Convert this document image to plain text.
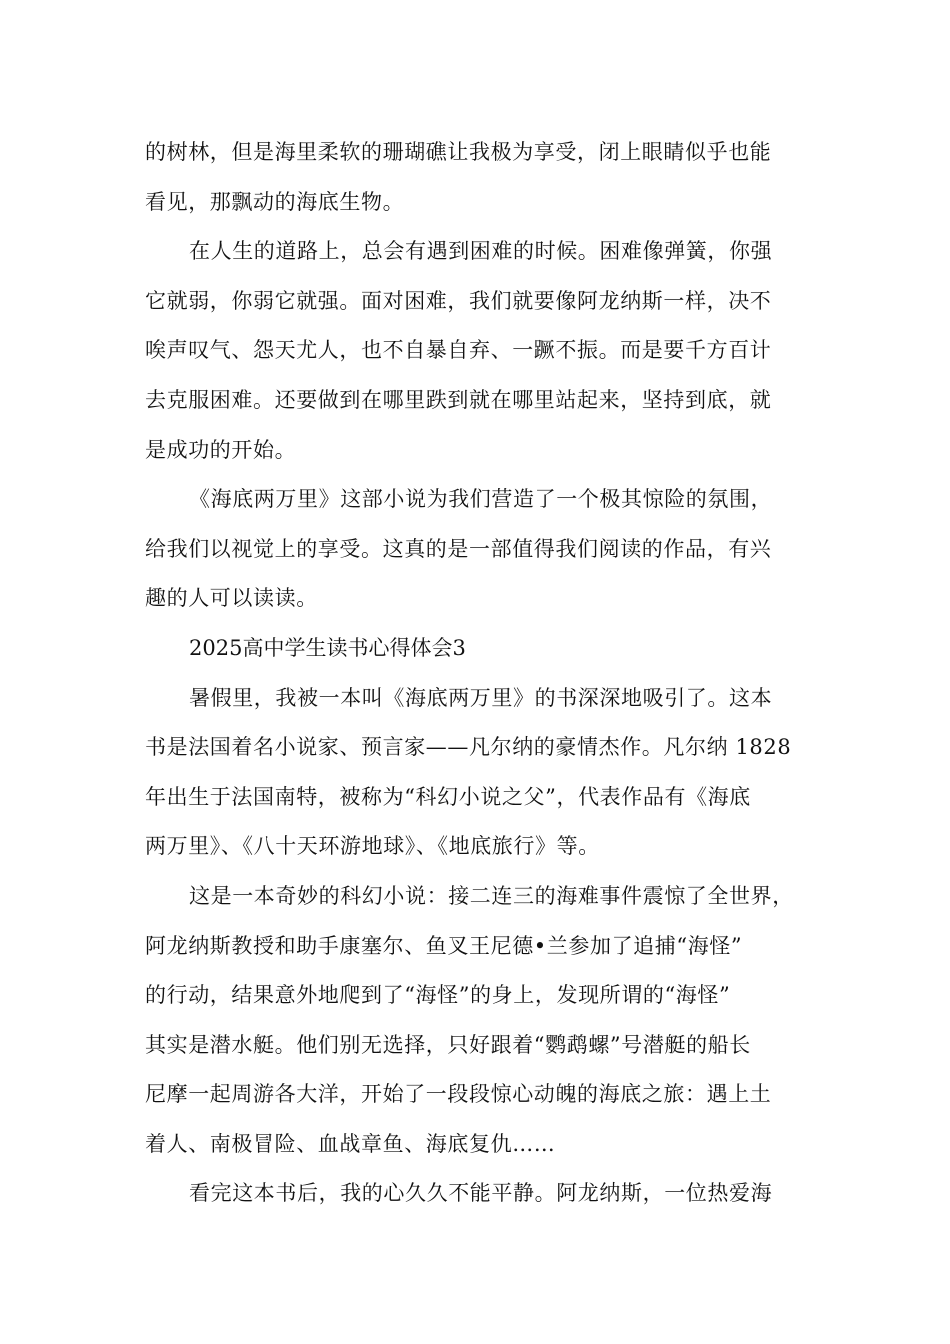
的树林，但是海里柔软的珊瑚礁让我极为享受，闭上眼睛似乎也能
看见，那飘动的海底生物。
在人生的道路上，总会有遇到困难的时候。困难像弹簧，你强
它就弱，你弱它就强。面对困难，我们就要像阿龙纳斯一样，决不
唉声叹气、怨天尤人，也不自暴自弃、一蹶不振。而是要千方百计
去克服困难。还要做到在哪里跌到就在哪里站起来，坚持到底，就
是成功的开始。
《海底两万里》这部小说为我们营造了一个极其惊险的氛围，
给我们以视觉上的享受。这真的是一部值得我们阅读的作品，有兴
趣的人可以读读。
2025高中学生读书心得体会3
暑假里，我被一本叫《海底两万里》的书深深地吸引了。这本
书是法国着名小说家、预言家——凡尔纳的豪情杰作。凡尔纳 1828
年出生于法国南特，被称为“科幻小说之父”，代表作品有《海底
两万里》、《八十天环游地球》、《地底旅行》等。
这是一本奇妙的科幻小说：接二连三的海难事件震惊了全世界，
阿龙纳斯教授和助手康塞尔、鱼叉王尼德•兰参加了追捕“海怪”
的行动，结果意外地爬到了“海怪”的身上，发现所谓的“海怪”
其实是潜水艇。他们别无选择，只好跟着“鹦鹉螺”号潜艇的船长
尼摩一起周游各大洋，开始了一段段惊心动魄的海底之旅：遇上土
着人、南极冒险、血战章鱼、海底复仇……
看完这本书后，我的心久久不能平静。阿龙纳斯，一位热爱海
